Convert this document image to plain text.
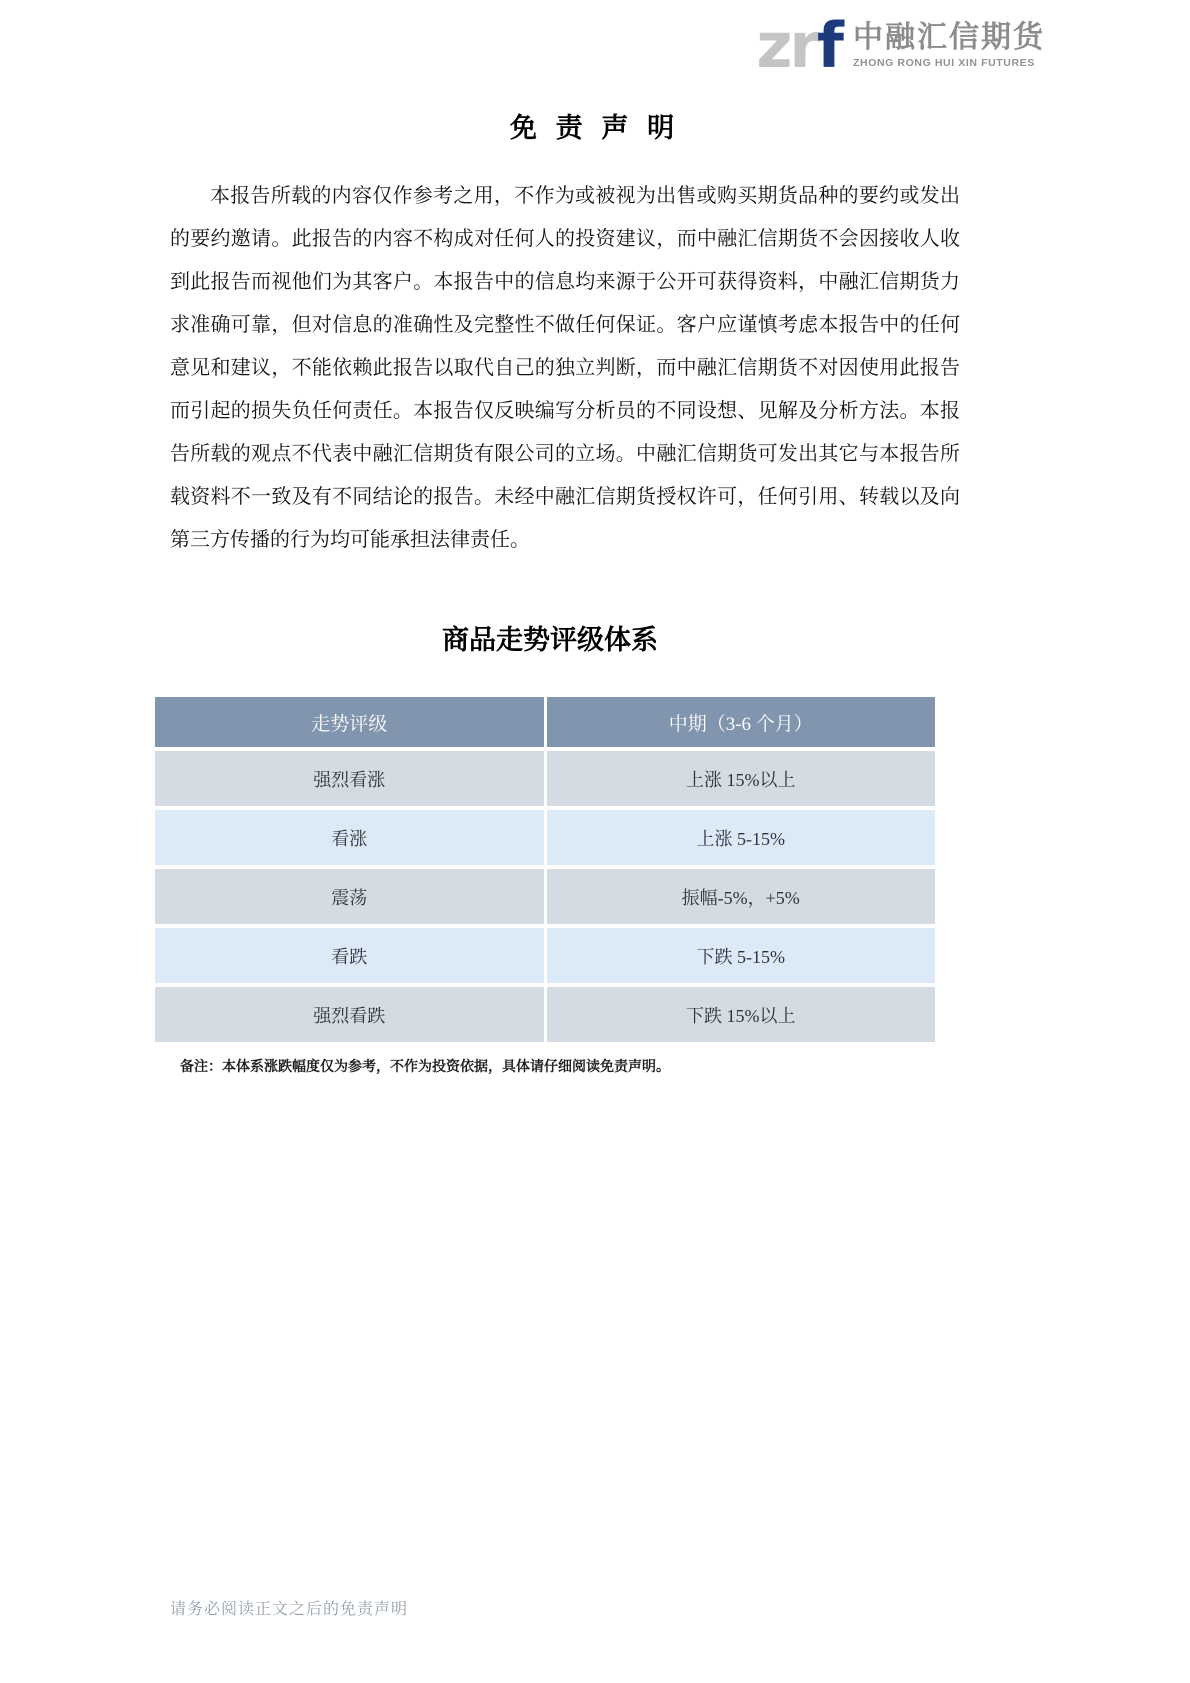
zrf 中融汇信期货
ZHONG RONG HUI XIN FUTURES
免 责 声 明

本报告所载的内容仅作参考之用，不作为或被视为出售或购买期货品种的要约或发出的要约邀请。此报告的内容不构成对任何人的投资建议，而中融汇信期货不会因接收人收到此报告而视他们为其客户。本报告中的信息均来源于公开可获得资料，中融汇信期货力求准确可靠，但对信息的准确性及完整性不做任何保证。客户应谨慎考虑本报告中的任何意见和建议，不能依赖此报告以取代自己的独立判断，而中融汇信期货不对因使用此报告而引起的损失负任何责任。本报告仅反映编写分析员的不同设想、见解及分析方法。本报告所载的观点不代表中融汇信期货有限公司的立场。中融汇信期货可发出其它与本报告所载资料不一致及有不同结论的报告。未经中融汇信期货授权许可，任何引用、转载以及向第三方传播的行为均可能承担法律责任。

商品走势评级体系
走势评级	中期（3-6 个月）
强烈看涨	上涨 15%以上
看涨	上涨 5-15%
震荡	振幅-5%，+5%
看跌	下跌 5-15%
强烈看跌	下跌 15%以上

备注：本体系涨跌幅度仅为参考，不作为投资依据，具体请仔细阅读免责声明。

请务必阅读正文之后的免责声明
